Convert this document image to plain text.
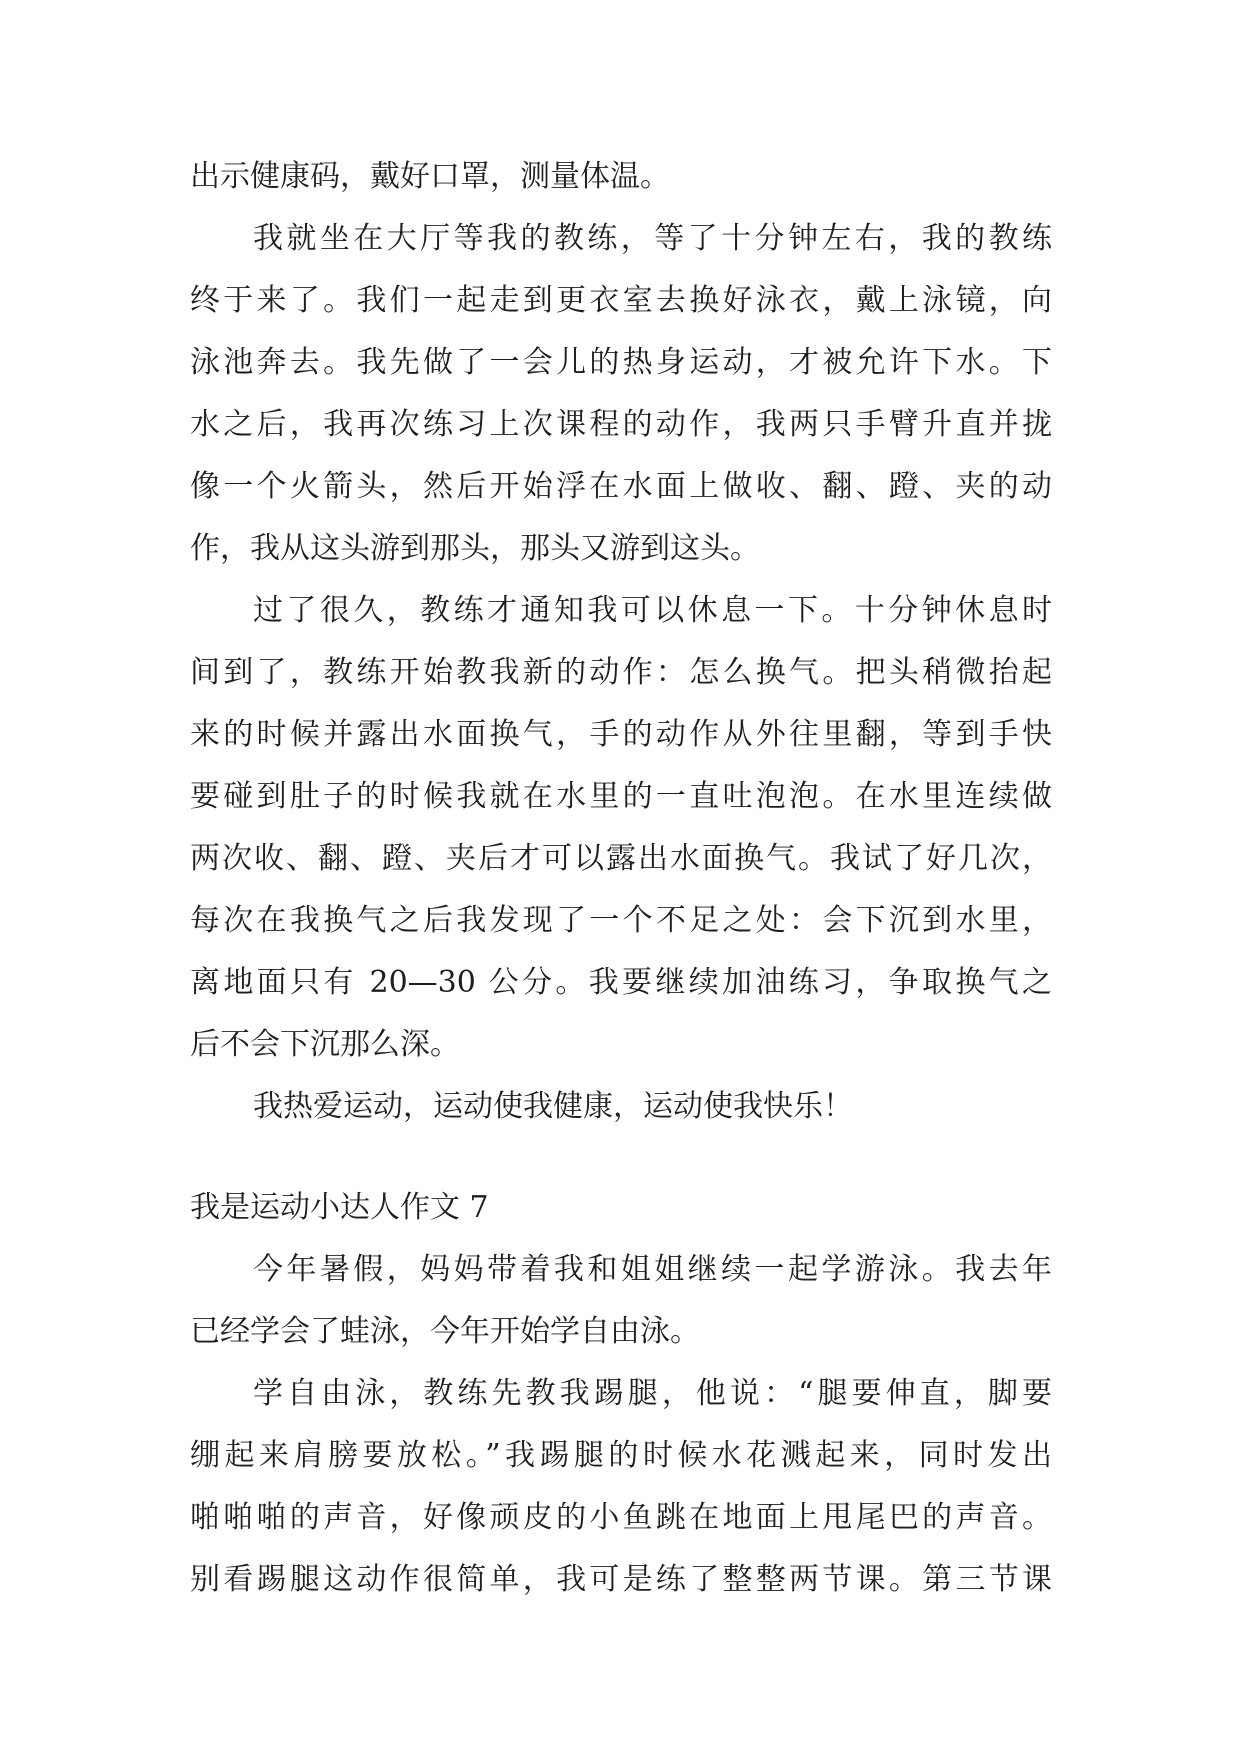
出示健康码，戴好口罩，测量体温。
我就坐在大厅等我的教练，等了十分钟左右，我的教练
终于来了。我们一起走到更衣室去换好泳衣，戴上泳镜，向
泳池奔去。我先做了一会儿的热身运动，才被允许下水。下
水之后，我再次练习上次课程的动作，我两只手臂升直并拢
像一个火箭头，然后开始浮在水面上做收、翻、蹬、夹的动
作，我从这头游到那头，那头又游到这头。
过了很久，教练才通知我可以休息一下。十分钟休息时
间到了，教练开始教我新的动作：怎么换气。把头稍微抬起
来的时候并露出水面换气，手的动作从外往里翻，等到手快
要碰到肚子的时候我就在水里的一直吐泡泡。在水里连续做
两次收、翻、蹬、夹后才可以露出水面换气。我试了好几次，
每次在我换气之后我发现了一个不足之处：会下沉到水里，
离地面只有 20—30 公分。我要继续加油练习，争取换气之
后不会下沉那么深。
我热爱运动，运动使我健康，运动使我快乐！
我是运动小达人作文 7
今年暑假，妈妈带着我和姐姐继续一起学游泳。我去年
已经学会了蛙泳，今年开始学自由泳。
学自由泳，教练先教我踢腿，他说：“腿要伸直，脚要
绷起来肩膀要放松。”我踢腿的时候水花溅起来，同时发出
啪啪啪的声音，好像顽皮的小鱼跳在地面上甩尾巴的声音。
别看踢腿这动作很简单，我可是练了整整两节课。第三节课
